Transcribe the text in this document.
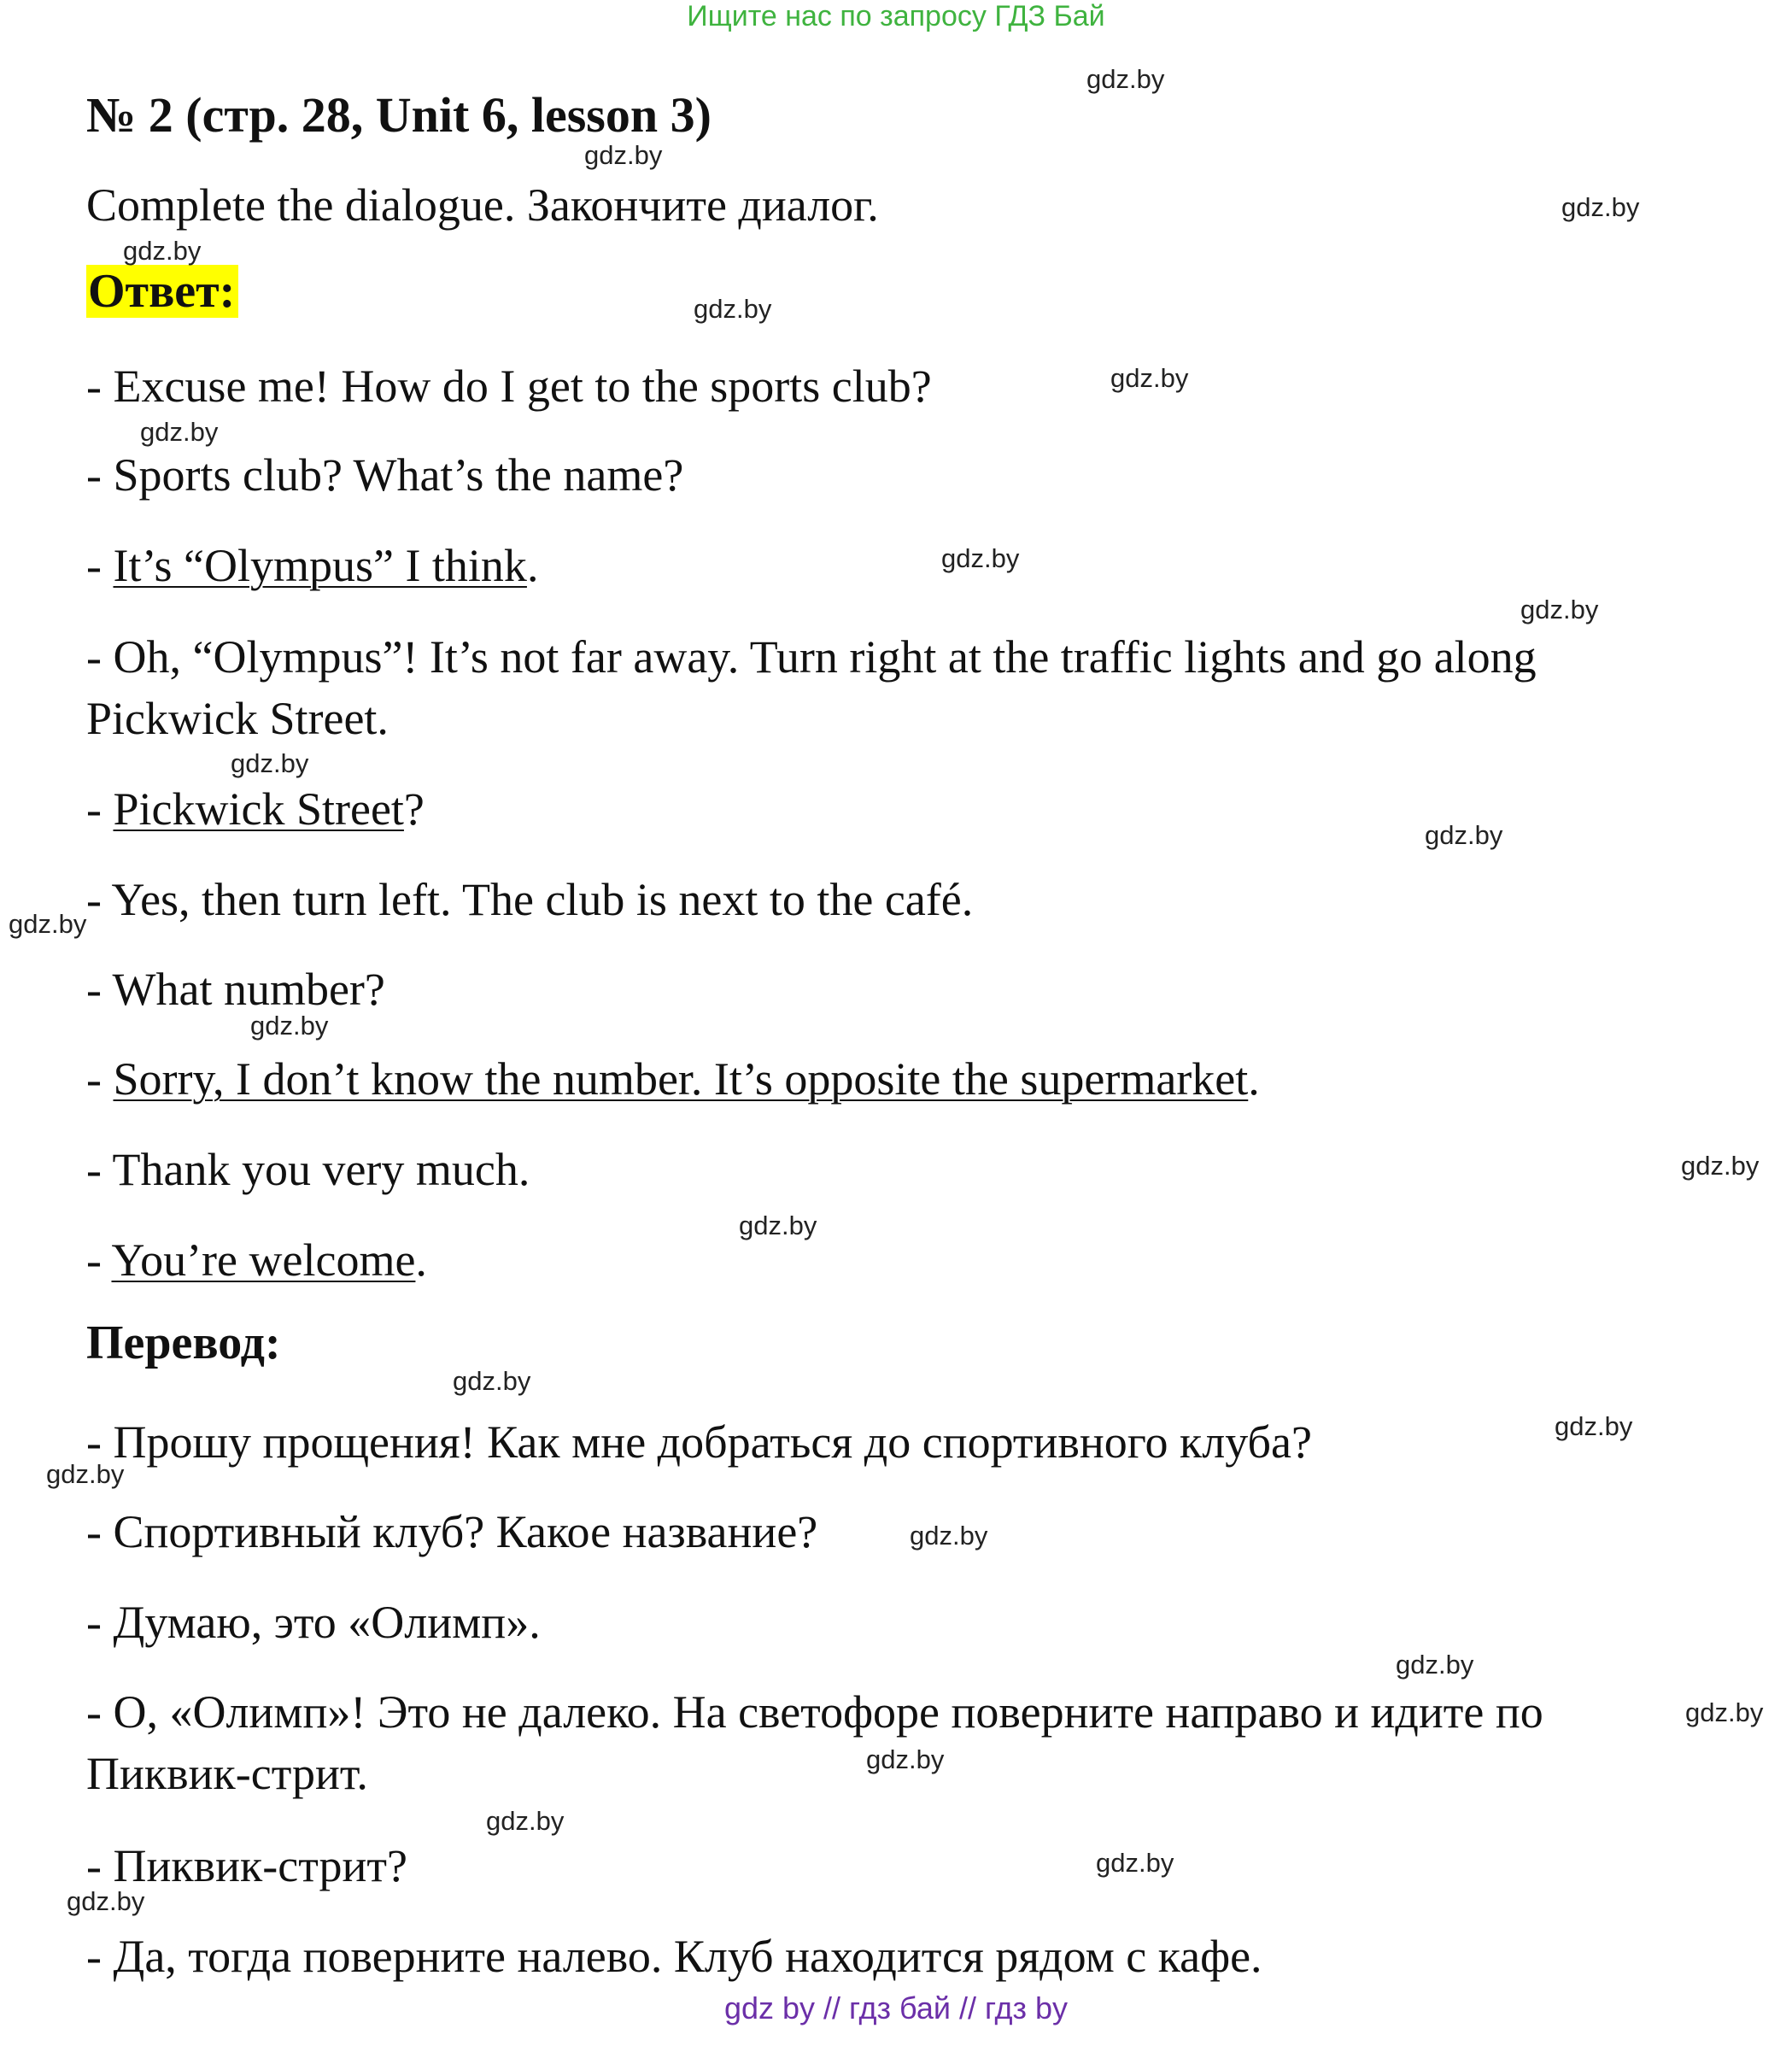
Ищите нас по запросу ГДЗ Бай
№ 2 (стр. 28, Unit 6, lesson 3)
Complete the dialogue. Закончите диалог.
Ответ:
- Excuse me! How do I get to the sports club?
- Sports club? What’s the name?
- It’s “Olympus” I think.
- Oh, “Olympus”! It’s not far away. Turn right at the traffic lights and go along Pickwick Street.
- Pickwick Street?
- Yes, then turn left. The club is next to the café.
- What number?
- Sorry, I don’t know the number. It’s opposite the supermarket.
- Thank you very much.
- You’re welcome.
Перевод:
- Прошу прощения! Как мне добраться до спортивного клуба?
- Спортивный клуб? Какое название?
- Думаю, это «Олимп».
- О, «Олимп»! Это не далеко. На светофоре поверните направо и идите по Пиквик-стрит.
- Пиквик-стрит?
- Да, тогда поверните налево. Клуб находится рядом с кафе.
gdz.by
gdz.by
gdz.by
gdz.by
gdz.by
gdz.by
gdz.by
gdz.by
gdz.by
gdz.by
gdz.by
gdz.by
gdz.by
gdz.by
gdz.by
gdz.by
gdz.by
gdz.by
gdz.by
gdz.by
gdz.by
gdz.by
gdz.by
gdz.by
gdz.by
gdz by // гдз бай // гдз by
